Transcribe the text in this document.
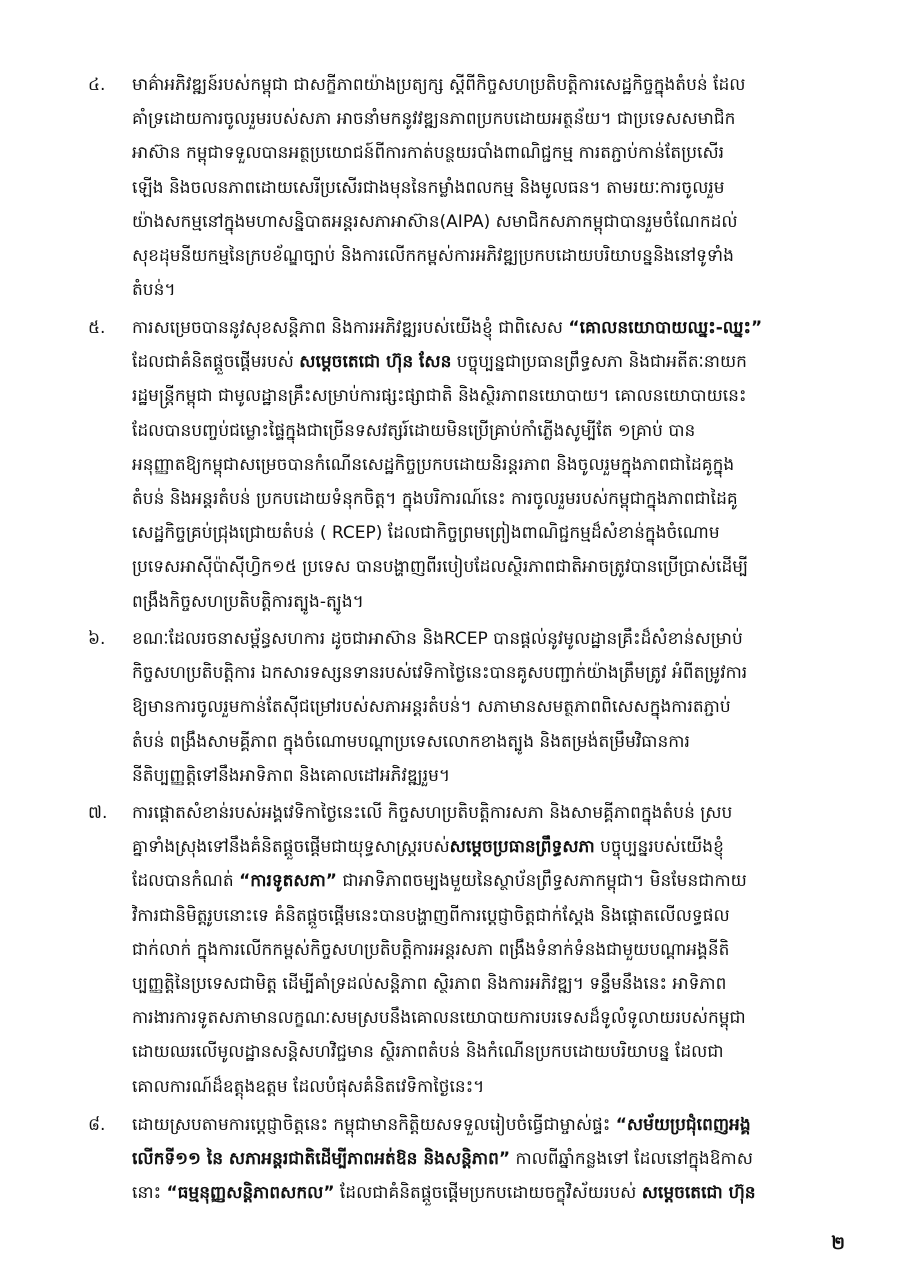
៤.	មាគ៌ាអភិវឌ្ឍន៍របស់កម្ពុជា ជាសក្ខីភាពយ៉ាងប្រត្យក្ស ស្ដីពីកិច្ចសហប្រតិបត្តិការសេដ្ឋកិច្ចក្នុងតំបន់ ដែល
គាំទ្រដោយការចូលរួមរបស់សភា អាចនាំមកនូវវឌ្ឍនភាពប្រកបដោយអត្ថន័យ។ ជាប្រទេសសមាជិក
អាស៊ាន កម្ពុជាទទួលបានអត្ថប្រយោជន៍ពីការកាត់បន្ថយរបាំងពាណិជ្ជកម្ម ការតភ្ជាប់កាន់តែប្រសើរ
ឡើង និងចលនភាពដោយសេរីប្រសើរជាងមុននៃកម្លាំងពលកម្ម និងមូលធន។ តាមរយៈការចូលរួម
យ៉ាងសកម្មនៅក្នុងមហាសន្និបាតអន្តរសភាអាស៊ាន(AIPA) សមាជិកសភាកម្ពុជាបានរួមចំណែកដល់
សុខដុមនីយកម្មនៃក្របខ័ណ្ឌច្បាប់ និងការលើកកម្ពស់ការអភិវឌ្ឍប្រកបដោយបរិយាបន្ននិងនៅទូទាំង
តំបន់។
៥.	ការសម្រេចបាននូវសុខសន្តិភាព និងការអភិវឌ្ឍរបស់យើងខ្ញុំ ជាពិសេស “គោលនយោបាយឈ្នះ-ឈ្នះ”
ដែលជាគំនិតផ្តួចផ្តើមរបស់ សម្តេចតេជោ ហ៊ុន សែន បច្ចុប្បន្នជាប្រធានព្រឹទ្ធសភា និងជាអតីតៈនាយក
រដ្ឋមន្ត្រីកម្ពុជា ជាមូលដ្ឋានគ្រឹះសម្រាប់ការផ្សះផ្សាជាតិ និងស្ថិរភាពនយោបាយ។ គោលនយោបាយនេះ
ដែលបានបញ្ចប់ជម្លោះផ្ទៃក្នុងជាច្រើនទសវត្សរ៍ដោយមិនប្រើគ្រាប់កាំភ្លើងសូម្បីតែ ១គ្រាប់ បាន
អនុញ្ញាតឱ្យកម្ពុជាសម្រេចបានកំណើនសេដ្ឋកិច្ចប្រកបដោយនិរន្តរភាព និងចូលរួមក្នុងភាពជាដៃគូក្នុង
តំបន់ និងអន្តរតំបន់ ប្រកបដោយទំនុកចិត្ត។ ក្នុងបរិការណ៍នេះ ការចូលរួមរបស់កម្ពុជាក្នុងភាពជាដៃគូ
សេដ្ឋកិច្ចគ្រប់ជ្រុងជ្រោយតំបន់ ( RCEP) ដែលជាកិច្ចព្រមព្រៀងពាណិជ្ជកម្មដ៏សំខាន់ក្នុងចំណោម
ប្រទេសអាស៊ីប៉ាស៊ីហ្វិក១៥ ប្រទេស បានបង្ហាញពីរបៀបដែលស្ថិរភាពជាតិអាចត្រូវបានប្រើប្រាស់ដើម្បី
ពង្រឹងកិច្ចសហប្រតិបត្តិការត្បូង-ត្បូង។
៦.	ខណៈដែលរចនាសម្ព័ន្ធសហការ ដូចជាអាស៊ាន និងRCEP បានផ្តល់នូវមូលដ្ឋានគ្រឹះដ៏សំខាន់សម្រាប់
កិច្ចសហប្រតិបត្តិការ ឯកសារទស្សនទានរបស់វេទិកាថ្ងៃនេះបានគូសបញ្ជាក់យ៉ាងត្រឹមត្រូវ អំពីតម្រូវការ
ឱ្យមានការចូលរួមកាន់តែស៊ីជម្រៅរបស់សភាអន្តរតំបន់។ សភាមានសមត្ថភាពពិសេសក្នុងការតភ្ជាប់
តំបន់ ពង្រឹងសាមគ្គីភាព ក្នុងចំណោមបណ្តាប្រទេសលោកខាងត្បូង និងតម្រង់តម្រឹមវិធានការ
នីតិប្បញ្ញត្តិទៅនឹងអាទិភាព និងគោលដៅអភិវឌ្ឍរួម។
៧.	ការផ្តោតសំខាន់របស់អង្គវេទិកាថ្ងៃនេះលើ កិច្ចសហប្រតិបត្តិការសភា និងសាមគ្គីភាពក្នុងតំបន់ ស្រប
គ្នាទាំងស្រុងទៅនឹងគំនិតផ្តួចផ្តើមជាយុទ្ធសាស្រ្តរបស់សម្តេចប្រធានព្រឹទ្ធសភា បច្ចុប្បន្នរបស់យើងខ្ញុំ
ដែលបានកំណត់ “ការទូតសភា” ជាអាទិភាពចម្បងមួយនៃស្ថាប័នព្រឹទ្ធសភាកម្ពុជា។ មិនមែនជាកាយ
វិការជានិមិត្តរូបនោះទេ គំនិតផ្តួចផ្តើមនេះបានបង្ហាញពីការប្តេជ្ញាចិត្តជាក់ស្តែង និងផ្តោតលើលទ្ធផល
ជាក់លាក់ ក្នុងការលើកកម្ពស់កិច្ចសហប្រតិបត្តិការអន្តរសភា ពង្រឹងទំនាក់ទំនងជាមួយបណ្តាអង្គនីតិ
ប្បញ្ញត្តិនៃប្រទេសជាមិត្ត ដើម្បីគាំទ្រដល់សន្តិភាព ស្ថិរភាព និងការអភិវឌ្ឍ។ ទន្ទឹមនឹងនេះ អាទិភាព
ការងារការទូតសភាមានលក្ខណៈសមស្របនឹងគោលនយោបាយការបរទេសដ៏ទូលំទូលាយរបស់កម្ពុជា
ដោយឈរលើមូលដ្ឋានសន្តិសហវិជ្ជមាន ស្ថិរភាពតំបន់ និងកំណើនប្រកបដោយបរិយាបន្ន ដែលជា
គោលការណ៍ដ៏ឧត្តុងឧត្តម ដែលបំផុសគំនិតវេទិកាថ្ងៃនេះ។
៨.	ដោយស្របតាមការប្តេជ្ញាចិត្តនេះ កម្ពុជាមានកិត្តិយសទទួលរៀបចំធ្វើជាម្ចាស់ផ្ទះ “សម័យប្រជុំពេញអង្គ
លើកទី១១ នៃ សភាអន្តរជាតិដើម្បីភាពអត់ឱន និងសន្តិភាព” កាលពីឆ្នាំកន្លងទៅ ដែលនៅក្នុងឱកាស
នោះ “ធម្មនុញ្ញសន្តិភាពសកល” ដែលជាគំនិតផ្តួចផ្តើមប្រកបដោយចក្ខុវិស័យរបស់ សម្តេចតេជោ ហ៊ុន
២
